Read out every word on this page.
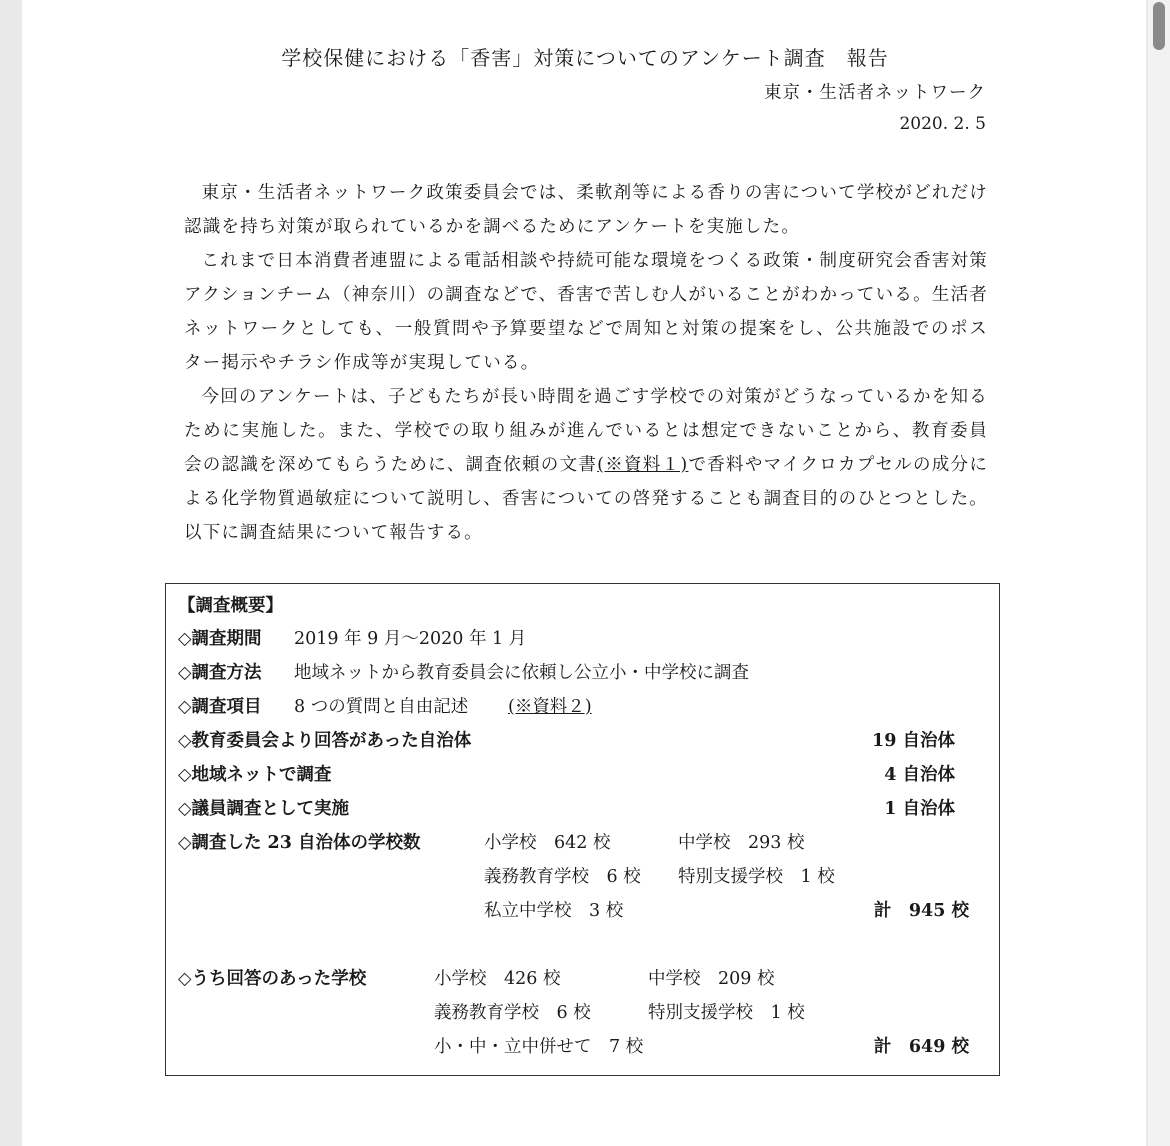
学校保健における「香害」対策についてのアンケート調査　報告
東京・生活者ネットワーク
2020. 2. 5

東京・生活者ネットワーク政策委員会では、柔軟剤等による香りの害について学校がどれだけ認識を持ち対策が取られているかを調べるためにアンケートを実施した。

これまで日本消費者連盟による電話相談や持続可能な環境をつくる政策・制度研究会香害対策アクションチーム（神奈川）の調査などで、香害で苦しむ人がいることがわかっている。生活者ネットワークとしても、一般質問や予算要望などで周知と対策の提案をし、公共施設でのポスター掲示やチラシ作成等が実現している。

今回のアンケートは、子どもたちが長い時間を過ごす学校での対策がどうなっているかを知るために実施した。また、学校での取り組みが進んでいるとは想定できないことから、教育委員会の認識を深めてもらうために、調査依頼の文書(※資料１)で香料やマイクロカプセルの成分による化学物質過敏症について説明し、香害についての啓発することも調査目的のひとつとした。以下に調査結果について報告する。

【調査概要】
◇調査期間 2019 年 9 月～2020 年 1 月
◇調査方法 地域ネットから教育委員会に依頼し公立小・中学校に調査
◇調査項目 8 つの質問と自由記述 (※資料２)
◇教育委員会より回答があった自治体	19 自治体
◇地域ネットで調査	4 自治体
◇議員調査として実施	1 自治体
◇調査した 23 自治体の学校数	小学校　642 校	中学校　293 校
義務教育学校　6 校 特別支援学校　1 校
私立中学校　3 校	計　945 校
◇うち回答のあった学校	小学校　426 校	中学校　209 校
義務教育学校　6 校	特別支援学校　1 校
小・中・立中併せて　7 校	計　649 校
